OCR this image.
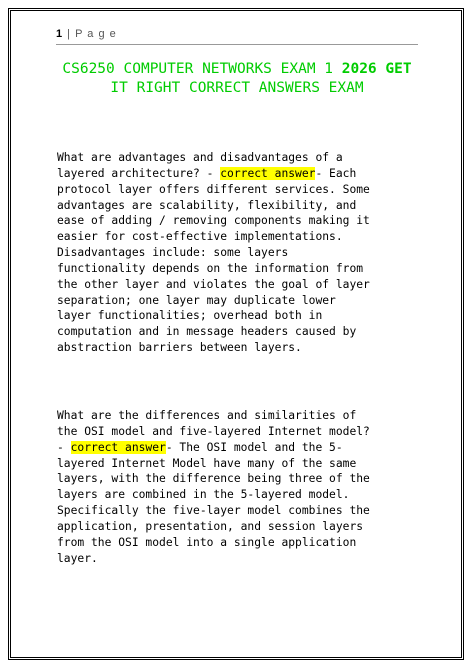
1 | P a g e
CS6250 COMPUTER NETWORKS EXAM 1 2026 GET
IT RIGHT CORRECT ANSWERS EXAM
What are advantages and disadvantages of a
layered architecture? - correct answer- Each
protocol layer offers different services. Some
advantages are scalability, flexibility, and
ease of adding / removing components making it
easier for cost-effective implementations.
Disadvantages include: some layers
functionality depends on the information from
the other layer and violates the goal of layer
separation; one layer may duplicate lower
layer functionalities; overhead both in
computation and in message headers caused by
abstraction barriers between layers.
What are the differences and similarities of
the OSI model and five-layered Internet model?
- correct answer- The OSI model and the 5-
layered Internet Model have many of the same
layers, with the difference being three of the
layers are combined in the 5-layered model.
Specifically the five-layer model combines the
application, presentation, and session layers
from the OSI model into a single application
layer.
